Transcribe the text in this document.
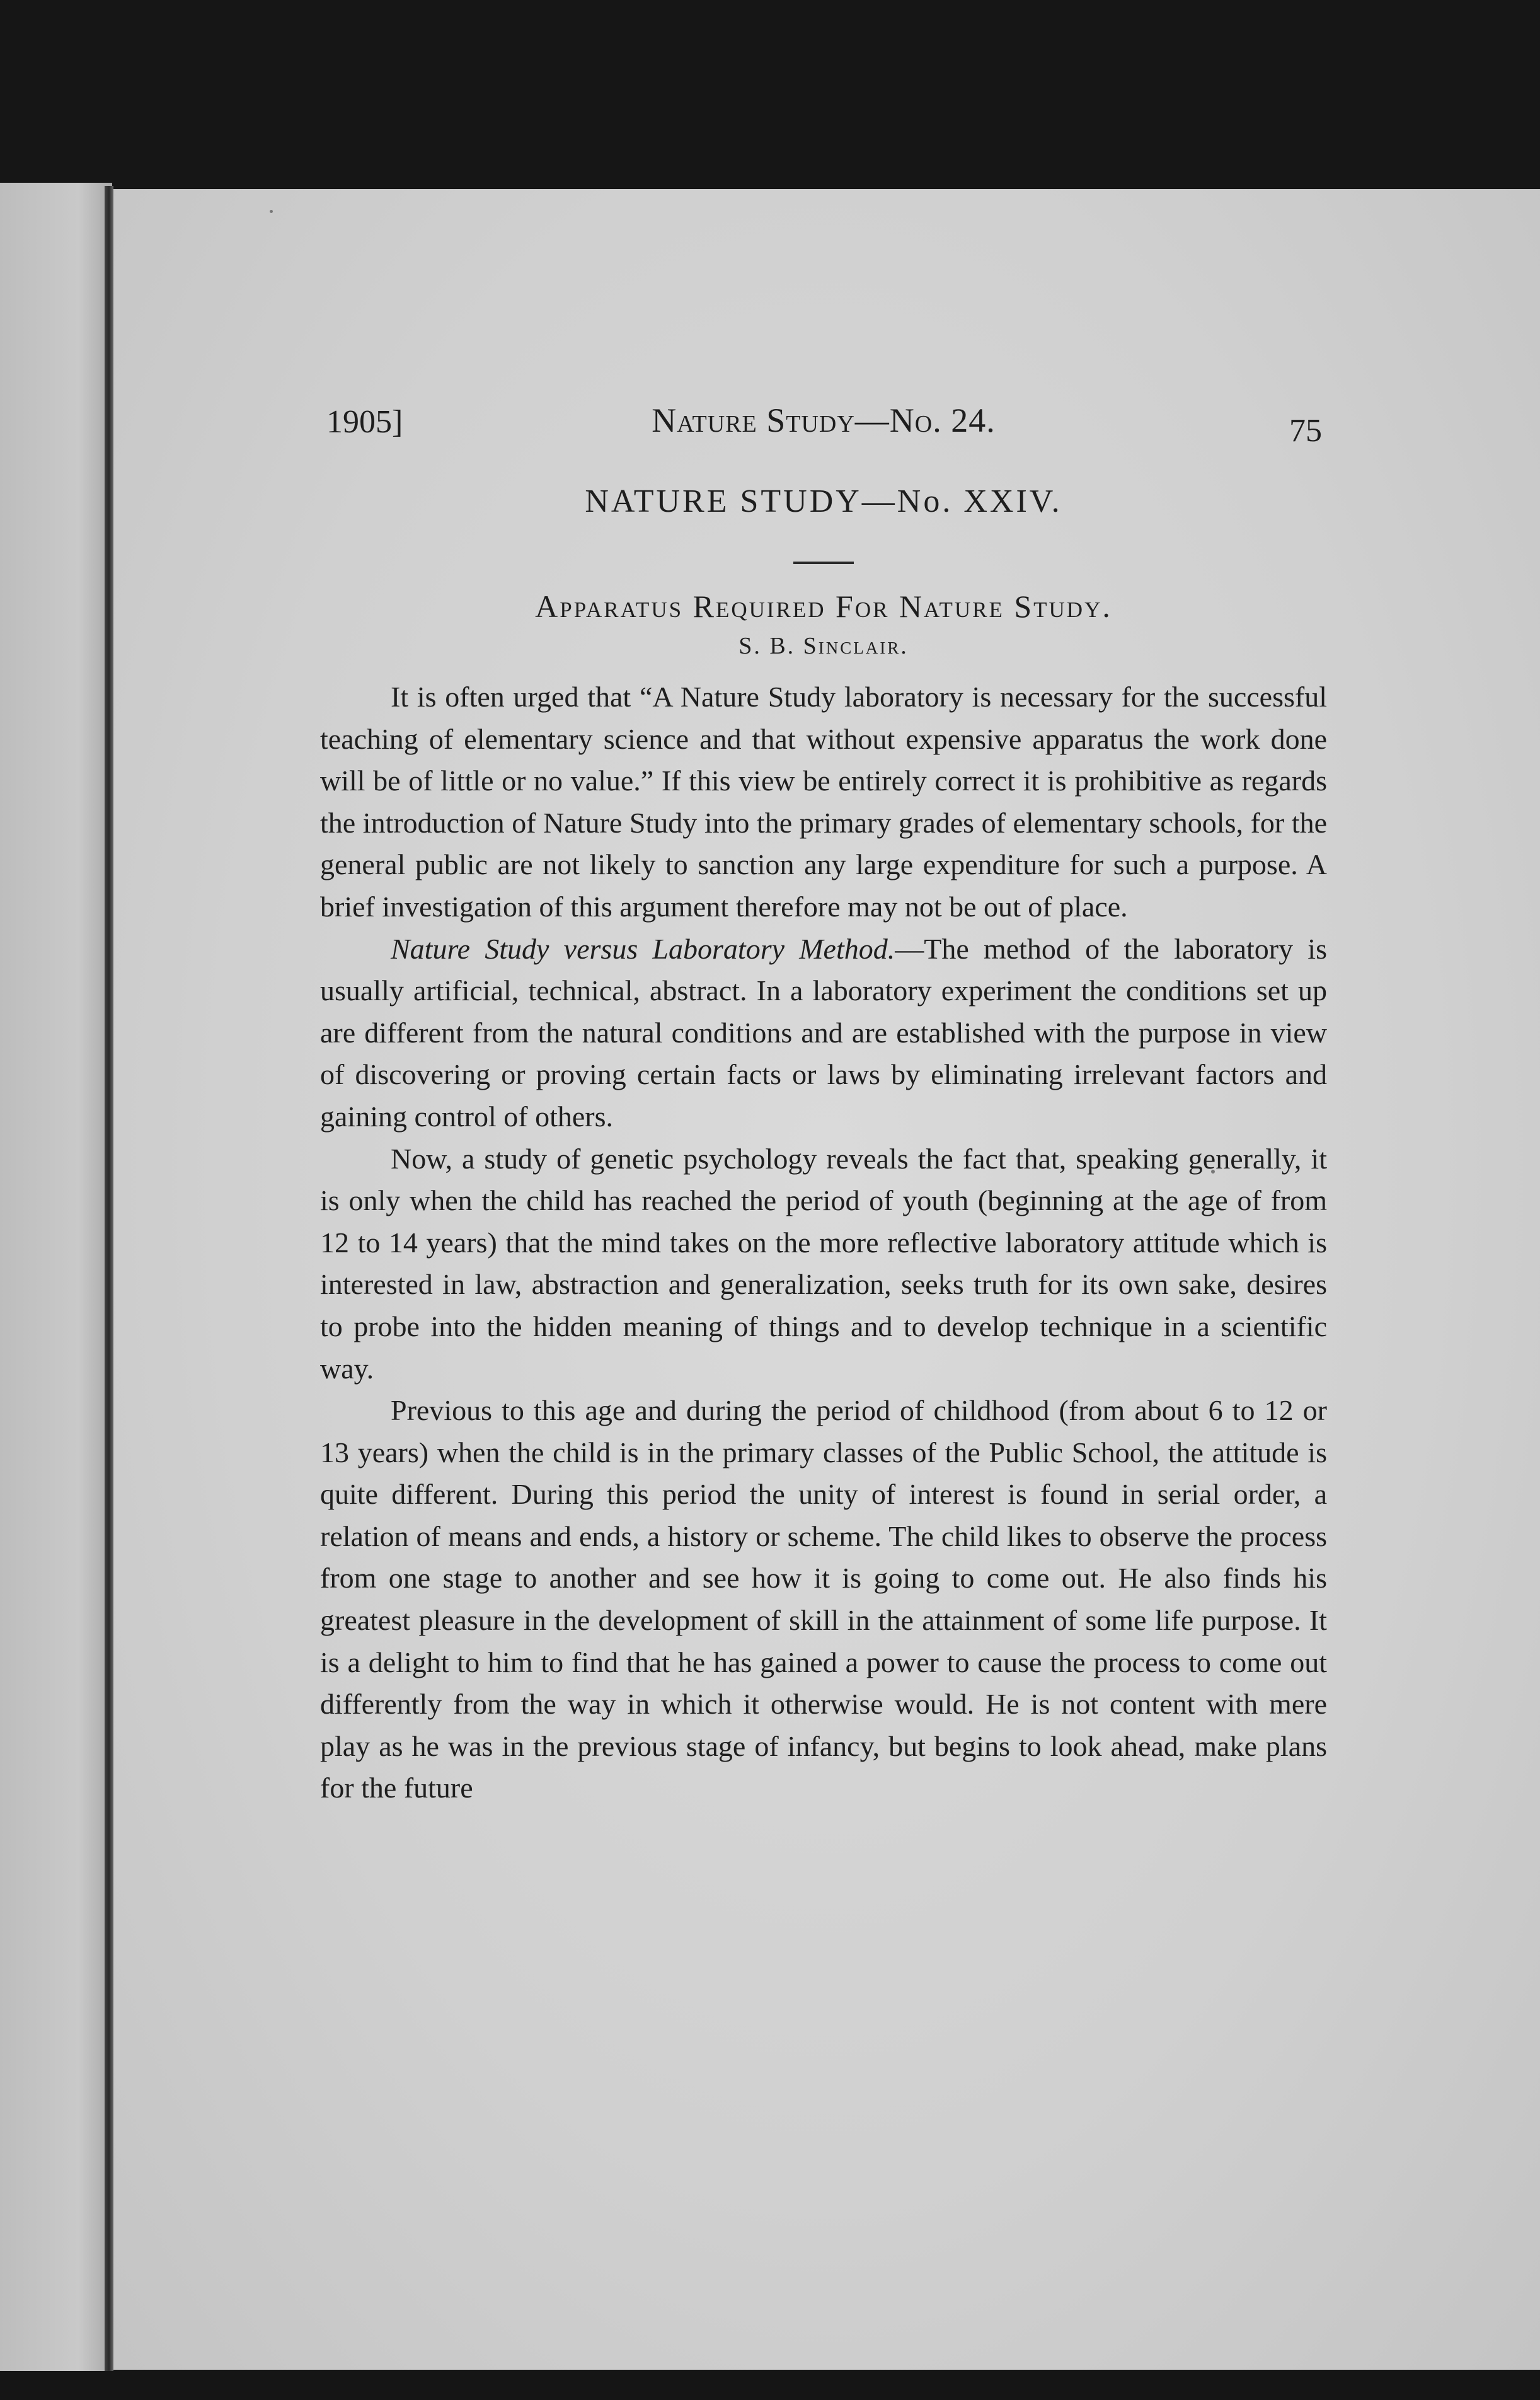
1905]	Nature Study—No. 24.	75
NATURE STUDY—No. XXIV.
Apparatus Required For Nature Study.
S. B. Sinclair.

It is often urged that “A Nature Study laboratory is necessary for the successful teaching of elementary science and that without expensive apparatus the work done will be of little or no value.” If this view be entirely correct it is prohibitive as regards the introduction of Nature Study into the primary grades of elementary schools, for the general public are not likely to sanction any large expenditure for such a purpose. A brief investigation of this argument therefore may not be out of place.

Nature Study versus Laboratory Method.—The method of the laboratory is usually artificial, technical, abstract. In a laboratory experiment the conditions set up are different from the natural conditions and are established with the purpose in view of discovering or proving certain facts or laws by eliminating irrelevant factors and gaining control of others.

Now, a study of genetic psychology reveals the fact that, speaking generally, it is only when the child has reached the period of youth (beginning at the age of from 12 to 14 years) that the mind takes on the more reflective laboratory attitude which is interested in law, abstraction and generalization, seeks truth for its own sake, desires to probe into the hidden meaning of things and to develop technique in a scientific way.

Previous to this age and during the period of childhood (from about 6 to 12 or 13 years) when the child is in the primary classes of the Public School, the attitude is quite different. During this period the unity of interest is found in serial order, a relation of means and ends, a history or scheme. The child likes to observe the process from one stage to another and see how it is going to come out. He also finds his greatest pleasure in the development of skill in the attainment of some life purpose. It is a delight to him to find that he has gained a power to cause the process to come out differently from the way in which it otherwise would. He is not content with mere play as he was in the previous stage of infancy, but begins to look ahead, make plans for the future
